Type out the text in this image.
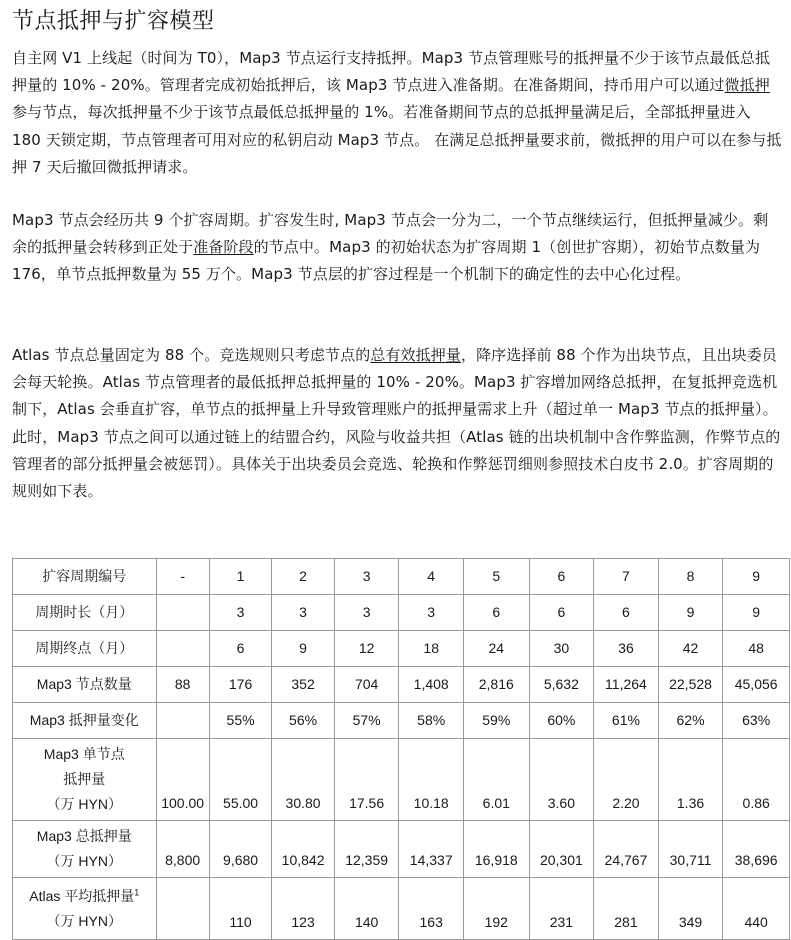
节点抵押与扩容模型

自主网 V1 上线起（时间为 T0），Map3 节点运行支持抵押。Map3 节点管理账号的抵押量不少于该节点最低总抵押量的 10% - 20%。管理者完成初始抵押后，该 Map3 节点进入准备期。在准备期间，持币用户可以通过微抵押参与节点，每次抵押量不少于该节点最低总抵押量的 1%。若准备期间节点的总抵押量满足后，全部抵押量进入 180 天锁定期，节点管理者可用对应的私钥启动 Map3 节点。 在满足总抵押量要求前，微抵押的用户可以在参与抵押 7 天后撤回微抵押请求。

Map3 节点会经历共 9 个扩容周期。扩容发生时, Map3 节点会一分为二，一个节点继续运行，但抵押量减少。剩余的抵押量会转移到正处于准备阶段的节点中。Map3 的初始状态为扩容周期 1（创世扩容期），初始节点数量为 176，单节点抵押数量为 55 万个。Map3 节点层的扩容过程是一个机制下的确定性的去中心化过程。

Atlas 节点总量固定为 88 个。竞选规则只考虑节点的总有效抵押量，降序选择前 88 个作为出块节点，且出块委员会每天轮换。Atlas 节点管理者的最低抵押总抵押量的 10% - 20%。Map3 扩容增加网络总抵押，在复抵押竞选机制下，Atlas 会垂直扩容，单节点的抵押量上升导致管理账户的抵押量需求上升（超过单一 Map3 节点的抵押量）。此时，Map3 节点之间可以通过链上的结盟合约，风险与收益共担（Atlas 链的出块机制中含作弊监测，作弊节点的管理者的部分抵押量会被惩罚）。具体关于出块委员会竞选、轮换和作弊惩罚细则参照技术白皮书 2.0。扩容周期的规则如下表。

扩容周期编号	-	1	2	3	4	5	6	7	8	9

周期时长（月）		3	3	3	3	6	6	6	9	9

周期终点（月）		6	9	12	18	24	30	36	42	48

Map3 节点数量	88	176	352	704	1,408	2,816	5,632	11,264	22,528	45,056

Map3 抵押量变化		55%	56%	57%	58%	59%	60%	61%	62%	63%

Map3 单节点
抵押量
（万 HYN）	100.00	55.00	30.80	17.56	10.18	6.01	3.60	2.20	1.36	0.86

Map3 总抵押量
（万 HYN）	8,800	9,680	10,842	12,359	14,337	16,918	20,301	24,767	30,711	38,696

Atlas 平均抵押量$^1$
（万 HYN）		110	123	140	163	192	231	281	349	440
